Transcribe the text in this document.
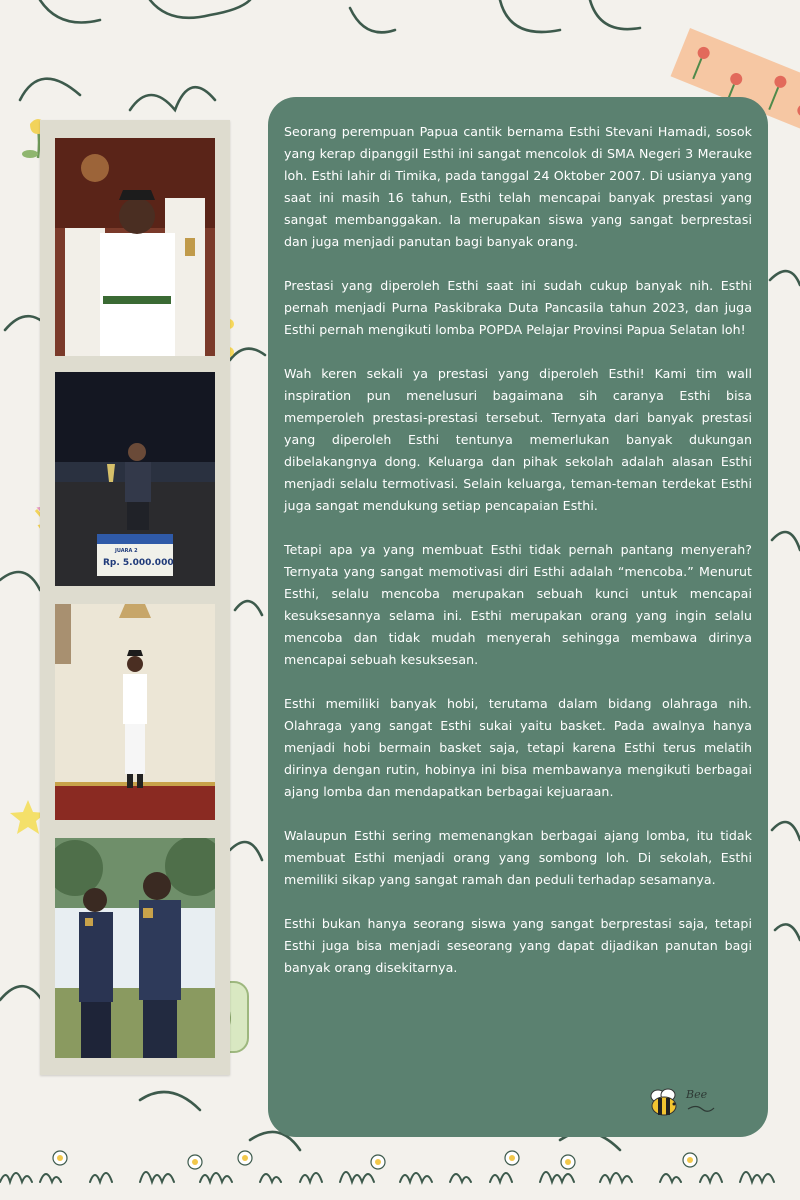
JUARA 2
Rp. 5.000.000

Seorang perempuan Papua cantik bernama Esthi Stevani Hamadi, sosok yang kerap dipanggil Esthi ini sangat mencolok di SMA Negeri 3 Merauke loh. Esthi lahir di Timika, pada tanggal 24 Oktober 2007. Di usianya yang saat ini masih 16 tahun, Esthi telah mencapai banyak prestasi yang sangat membanggakan. Ia merupakan siswa yang sangat berprestasi dan juga menjadi panutan bagi banyak orang.

Prestasi yang diperoleh Esthi saat ini sudah cukup banyak nih. Esthi pernah menjadi Purna Paskibraka Duta Pancasila tahun 2023, dan juga Esthi pernah mengikuti lomba POPDA Pelajar Provinsi Papua Selatan loh!

Wah keren sekali ya prestasi yang diperoleh Esthi! Kami tim wall inspiration pun menelusuri bagaimana sih caranya Esthi bisa memperoleh prestasi-prestasi tersebut. Ternyata dari banyak prestasi yang diperoleh Esthi tentunya memerlukan banyak dukungan dibelakangnya dong. Keluarga dan pihak sekolah adalah alasan Esthi menjadi selalu termotivasi. Selain keluarga, teman-teman terdekat Esthi juga sangat mendukung setiap pencapaian Esthi.

Tetapi apa ya yang membuat Esthi tidak pernah pantang menyerah? Ternyata yang sangat memotivasi diri Esthi adalah “mencoba.” Menurut Esthi, selalu mencoba merupakan sebuah kunci untuk mencapai kesuksesannya selama ini. Esthi merupakan orang yang ingin selalu mencoba dan tidak mudah menyerah sehingga membawa dirinya mencapai sebuah kesuksesan.

Esthi memiliki banyak hobi, terutama dalam bidang olahraga nih. Olahraga yang sangat Esthi sukai yaitu basket. Pada awalnya hanya menjadi hobi bermain basket saja, tetapi karena Esthi terus melatih dirinya dengan rutin, hobinya ini bisa membawanya mengikuti berbagai ajang lomba dan mendapatkan berbagai kejuaraan.

Walaupun Esthi sering memenangkan berbagai ajang lomba, itu tidak membuat Esthi menjadi orang yang sombong loh. Di sekolah, Esthi memiliki sikap yang sangat ramah dan peduli terhadap sesamanya.

Esthi bukan hanya seorang siswa yang sangat berprestasi saja, tetapi Esthi juga bisa menjadi seseorang yang dapat dijadikan panutan bagi banyak orang disekitarnya.

Bee
